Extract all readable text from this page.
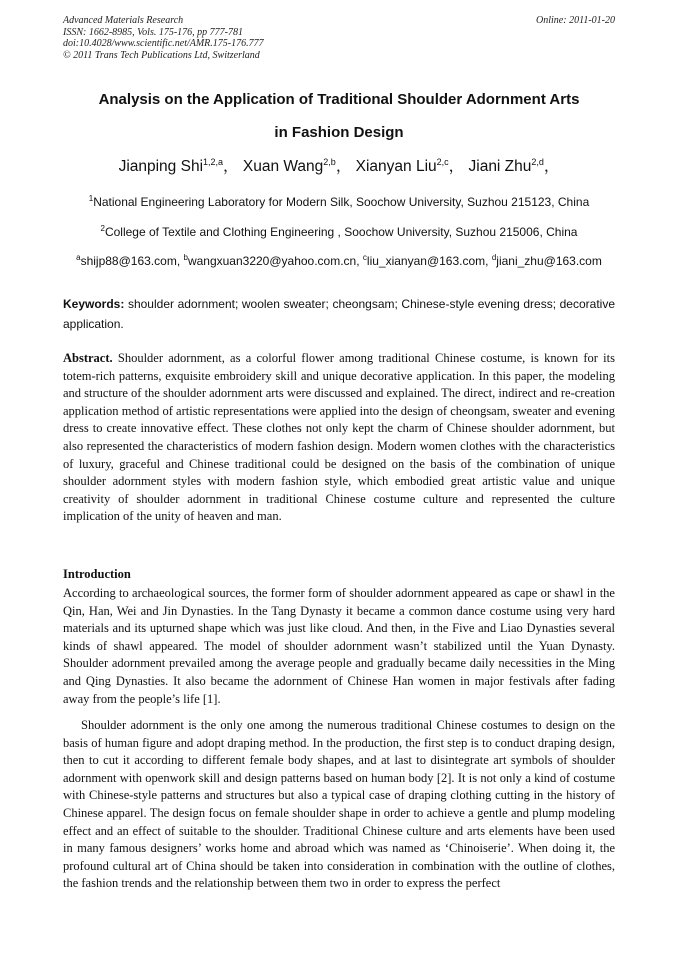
Advanced Materials Research
ISSN: 1662-8985, Vols. 175-176, pp 777-781
doi:10.4028/www.scientific.net/AMR.175-176.777
© 2011 Trans Tech Publications Ltd, Switzerland
Online: 2011-01-20
Analysis on the Application of Traditional Shoulder Adornment Arts
in Fashion Design
Jianping Shi$^{1,2,a}$， Xuan Wang$^{2,b}$， Xianyan Liu$^{2,c}$， Jiani Zhu$^{2,d}$，
$^1$National Engineering Laboratory for Modern Silk, Soochow University, Suzhou 215123, China
$^2$College of Textile and Clothing Engineering , Soochow University, Suzhou 215006, China
$^a$shijp88@163.com, $^b$wangxuan3220@yahoo.com.cn, $^c$liu_xianyan@163.com, $^d$jiani_zhu@163.com
Keywords: shoulder adornment; woolen sweater; cheongsam; Chinese-style evening dress; decorative application.
Abstract. Shoulder adornment, as a colorful flower among traditional Chinese costume, is known for its totem-rich patterns, exquisite embroidery skill and unique decorative application. In this paper, the modeling and structure of the shoulder adornment arts were discussed and explained. The direct, indirect and re-creation application method of artistic representations were applied into the design of cheongsam, sweater and evening dress to create innovative effect. These clothes not only kept the charm of Chinese shoulder adornment, but also represented the characteristics of modern fashion design. Modern women clothes with the characteristics of luxury, graceful and Chinese traditional could be designed on the basis of the combination of unique shoulder adornment styles with modern fashion style, which embodied great artistic value and unique creativity of shoulder adornment in traditional Chinese costume culture and represented the culture implication of the unity of heaven and man.
Introduction
According to archaeological sources, the former form of shoulder adornment appeared as cape or shawl in the Qin, Han, Wei and Jin Dynasties. In the Tang Dynasty it became a common dance costume using very hard materials and its upturned shape which was just like cloud. And then, in the Five and Liao Dynasties several kinds of shawl appeared. The model of shoulder adornment wasn’t stabilized until the Yuan Dynasty. Shoulder adornment prevailed among the average people and gradually became daily necessities in the Ming and Qing Dynasties. It also became the adornment of Chinese Han women in major festivals after fading away from the people’s life [1].
Shoulder adornment is the only one among the numerous traditional Chinese costumes to design on the basis of human figure and adopt draping method. In the production, the first step is to conduct draping design, then to cut it according to different female body shapes, and at last to disintegrate art symbols of shoulder adornment with openwork skill and design patterns based on human body [2]. It is not only a kind of costume with Chinese-style patterns and structures but also a typical case of draping clothing cutting in the history of Chinese apparel. The design focus on female shoulder shape in order to achieve a gentle and plump modeling effect and an effect of suitable to the shoulder. Traditional Chinese culture and arts elements have been used in many famous designers’ works home and abroad which was named as ‘Chinoiserie’. When doing it, the profound cultural art of China should be taken into consideration in combination with the outline of clothes, the fashion trends and the relationship between them two in order to express the perfect
